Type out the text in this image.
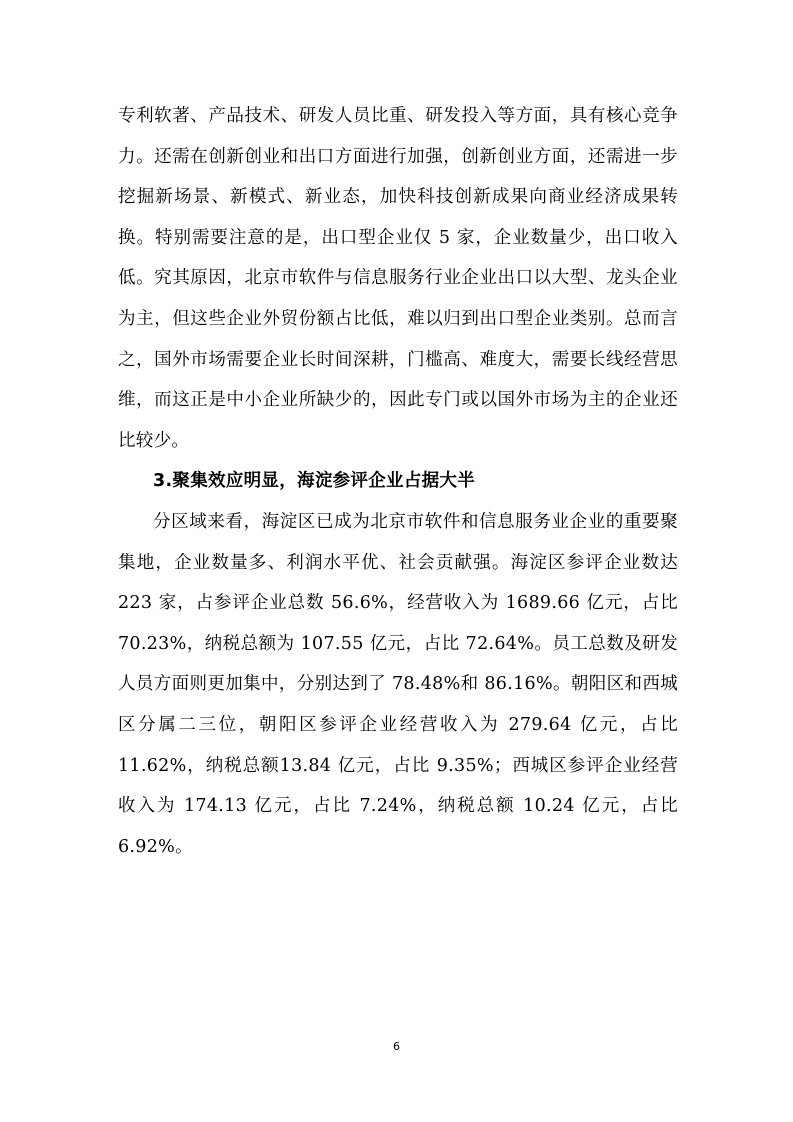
专利软著、产品技术、研发人员比重、研发投入等方面，具有核心竞争力。还需在创新创业和出口方面进行加强，创新创业方面，还需进一步挖掘新场景、新模式、新业态，加快科技创新成果向商业经济成果转换。特别需要注意的是，出口型企业仅 5 家，企业数量少，出口收入低。究其原因，北京市软件与信息服务行业企业出口以大型、龙头企业为主，但这些企业外贸份额占比低，难以归到出口型企业类别。总而言之，国外市场需要企业长时间深耕，门槛高、难度大，需要长线经营思维，而这正是中小企业所缺少的，因此专门或以国外市场为主的企业还比较少。

3.聚集效应明显，海淀参评企业占据大半

分区域来看，海淀区已成为北京市软件和信息服务业企业的重要聚集地，企业数量多、利润水平优、社会贡献强。海淀区参评企业数达 223 家，占参评企业总数 56.6%，经营收入为 1689.66 亿元，占比 70.23%，纳税总额为 107.55 亿元，占比 72.64%。员工总数及研发人员方面则更加集中，分别达到了 78.48%和 86.16%。朝阳区和西城区分属二三位，朝阳区参评企业经营收入为 279.64 亿元，占比 11.62%，纳税总额13.84 亿元，占比 9.35%；西城区参评企业经营收入为 174.13 亿元，占比 7.24%，纳税总额 10.24 亿元，占比 6.92%。

6
